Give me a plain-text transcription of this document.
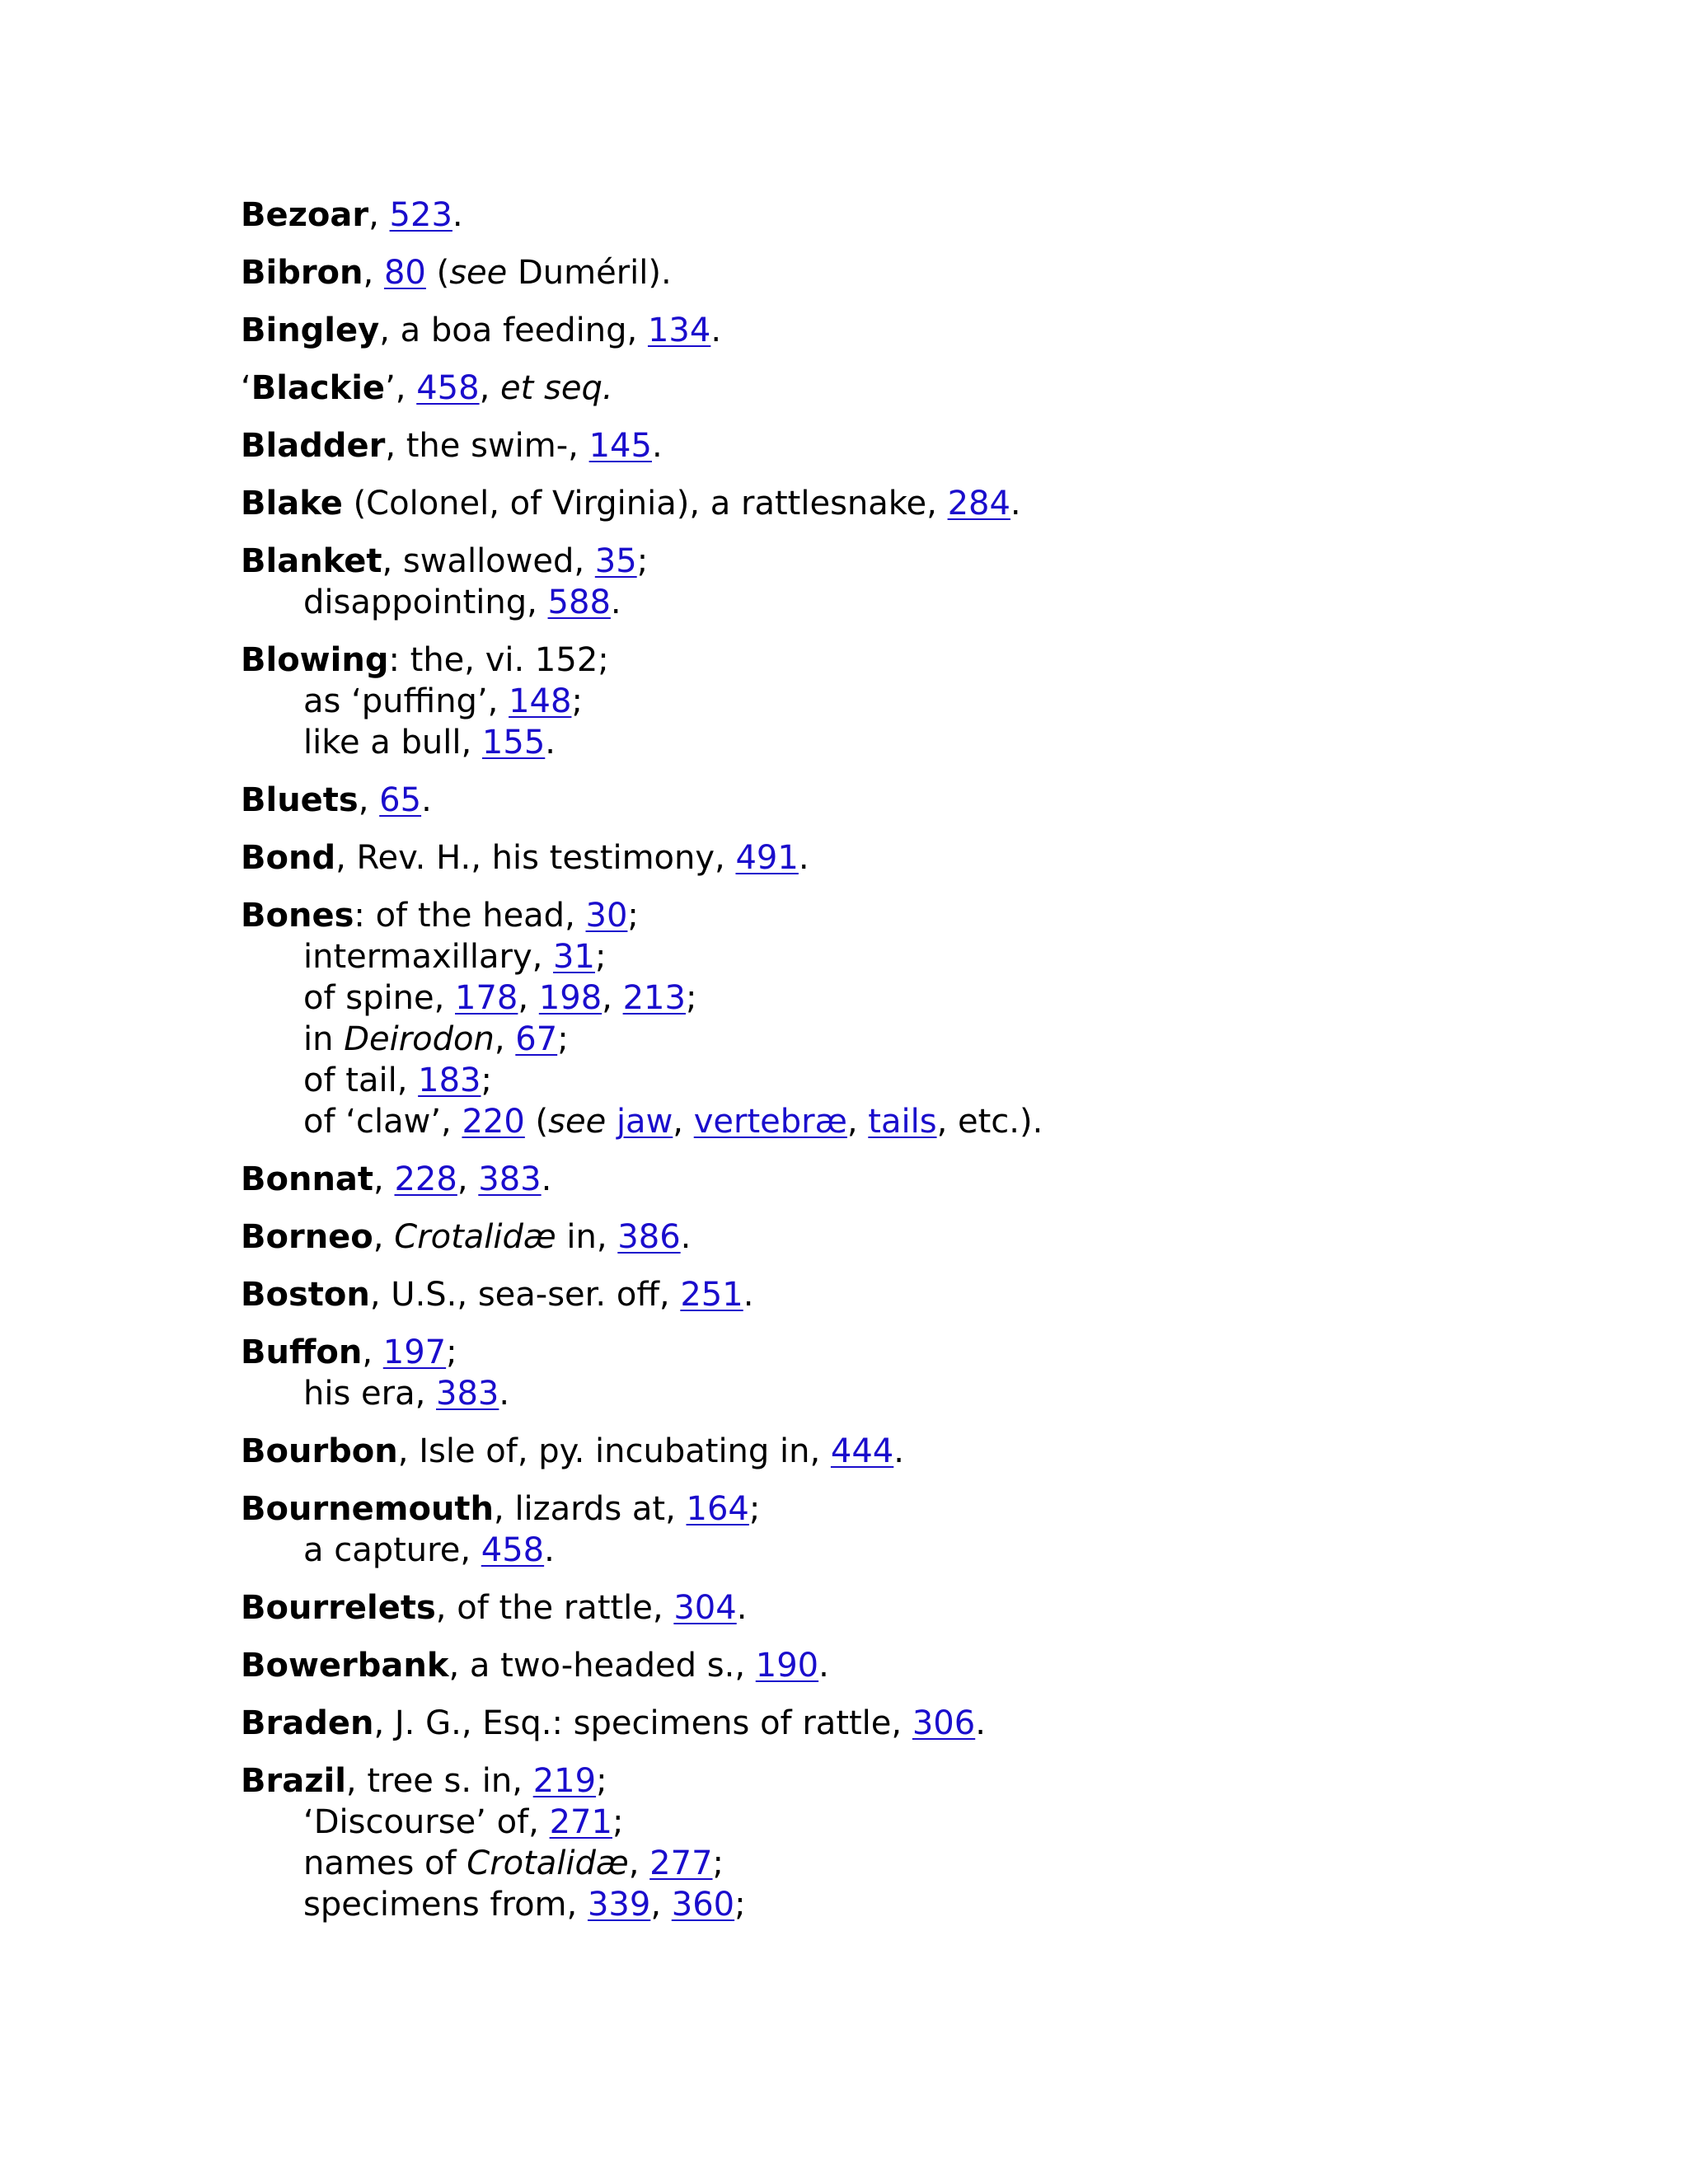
Bezoar, 523.
Bibron, 80 (see Duméril).
Bingley, a boa feeding, 134.
‘Blackie’, 458, et seq.
Bladder, the swim-, 145.
Blake (Colonel, of Virginia), a rattlesnake, 284.
Blanket, swallowed, 35;
disappointing, 588.
Blowing: the, vi. 152;
as ‘puffing’, 148;
like a bull, 155.
Bluets, 65.
Bond, Rev. H., his testimony, 491.
Bones: of the head, 30;
intermaxillary, 31;
of spine, 178, 198, 213;
in Deirodon, 67;
of tail, 183;
of ‘claw’, 220 (see jaw, vertebræ, tails, etc.).
Bonnat, 228, 383.
Borneo, Crotalidæ in, 386.
Boston, U.S., sea-ser. off, 251.
Buffon, 197;
his era, 383.
Bourbon, Isle of, py. incubating in, 444.
Bournemouth, lizards at, 164;
a capture, 458.
Bourrelets, of the rattle, 304.
Bowerbank, a two-headed s., 190.
Braden, J. G., Esq.: specimens of rattle, 306.
Brazil, tree s. in, 219;
‘Discourse’ of, 271;
names of Crotalidæ, 277;
specimens from, 339, 360;
